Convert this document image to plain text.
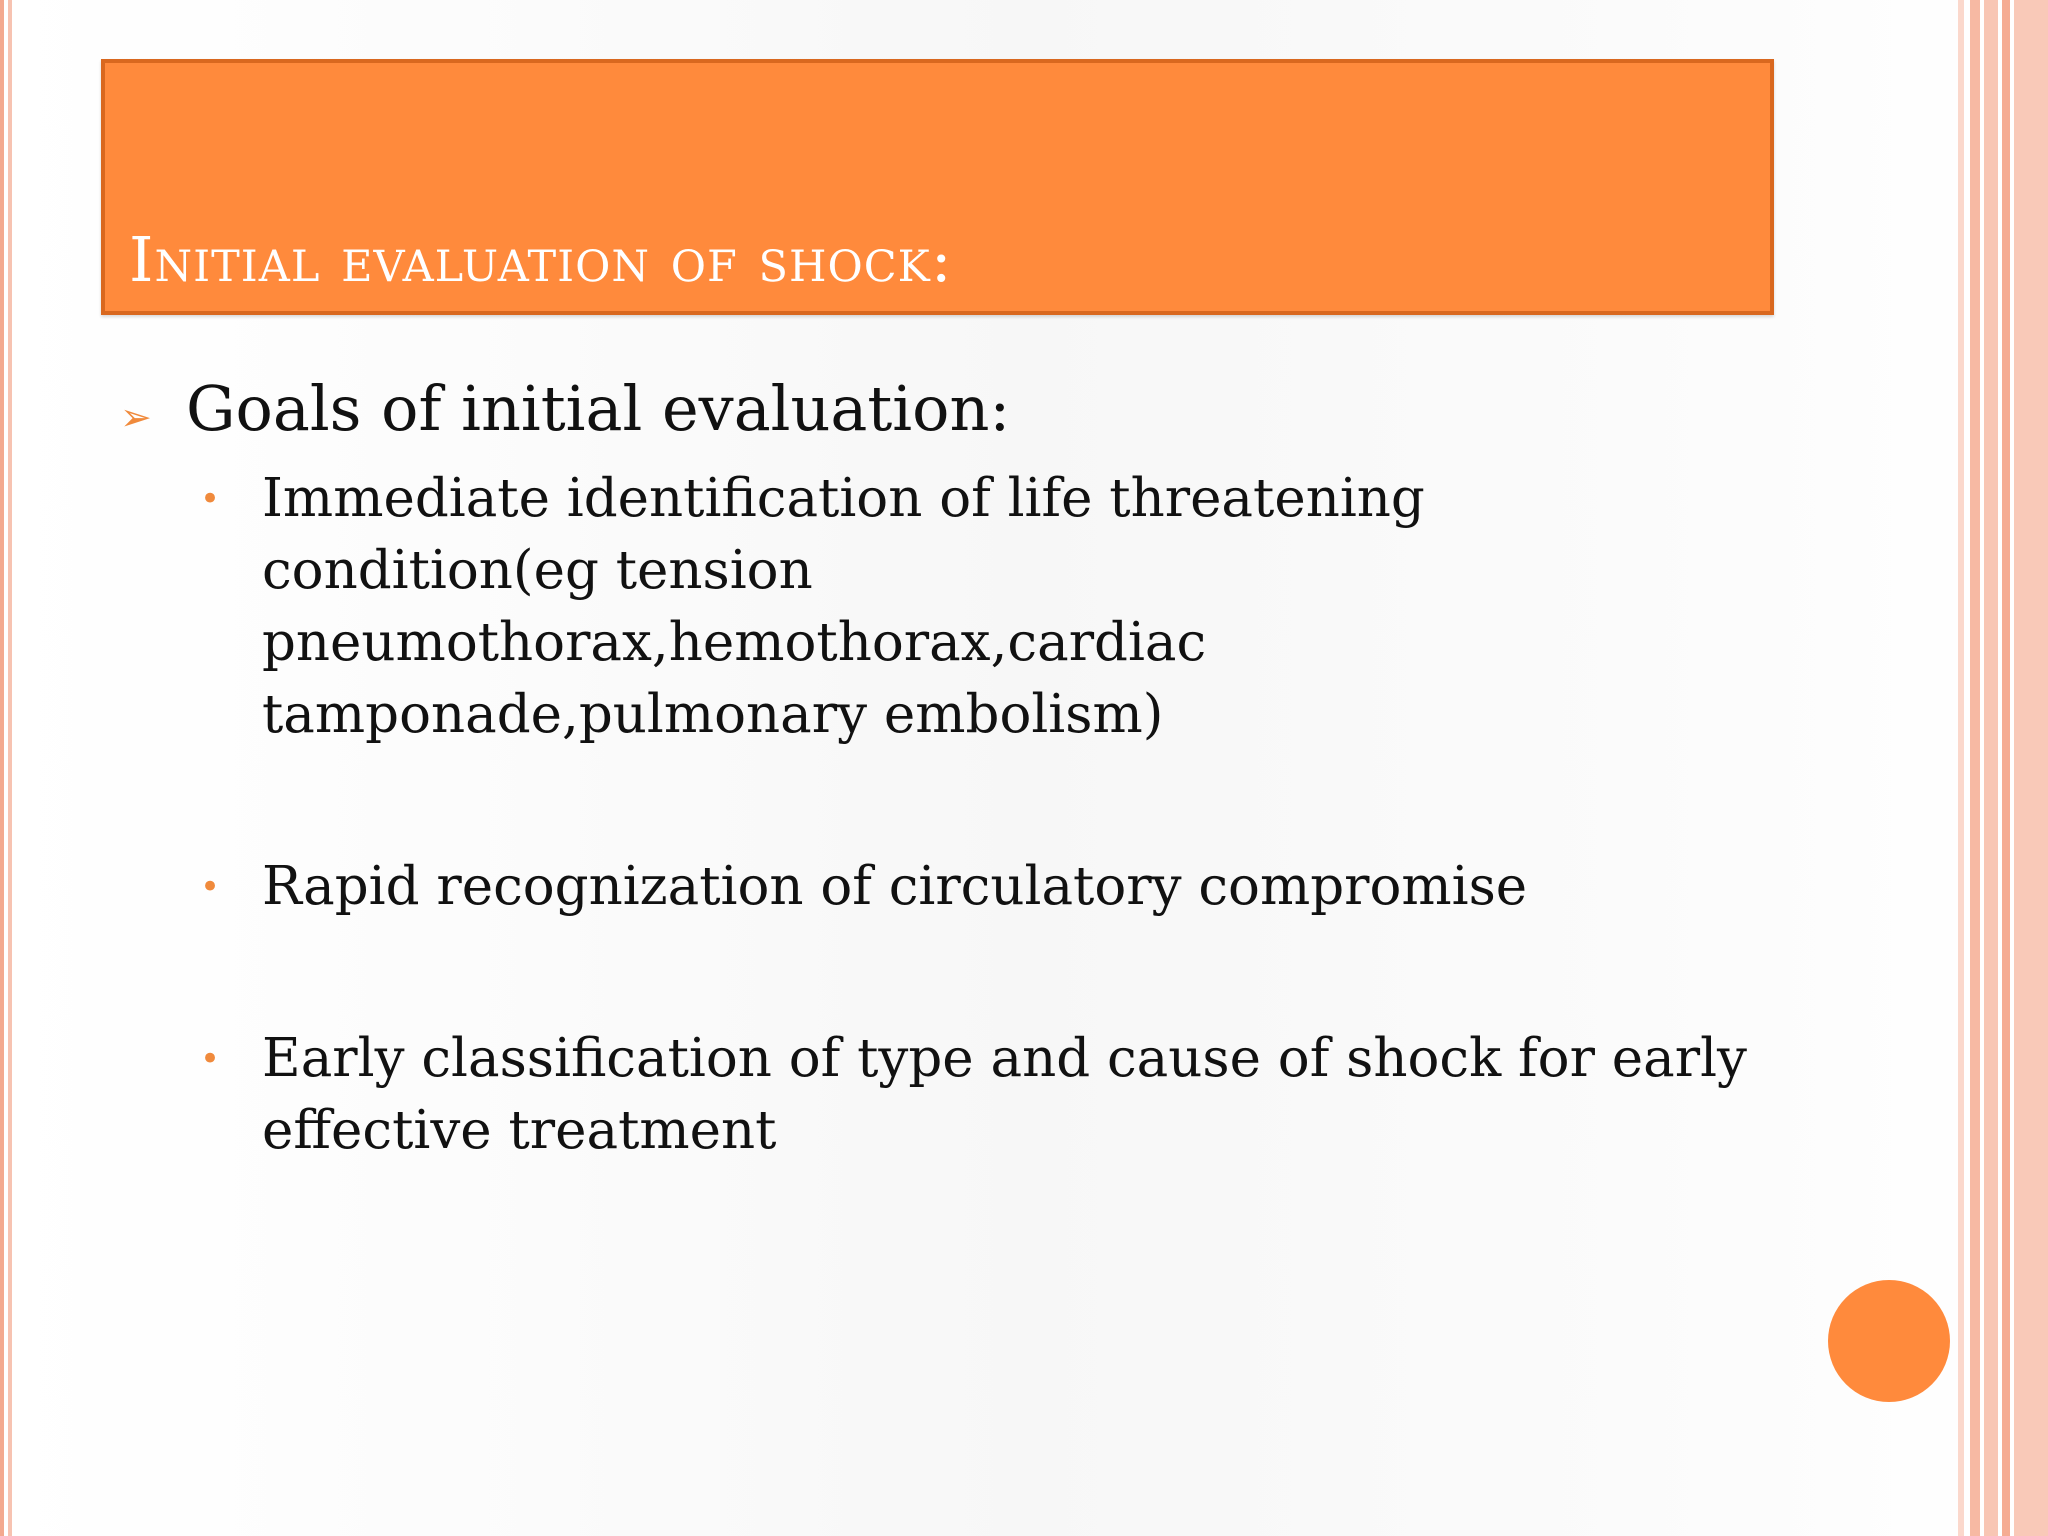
Initial evaluation of shock:
➢ Goals of initial evaluation:
• Immediate identification of life threatening condition(eg tension pneumothorax,hemothorax,cardiac tamponade,pulmonary embolism)
• Rapid recognization of circulatory compromise
• Early classification of type and cause of shock for early effective treatment
